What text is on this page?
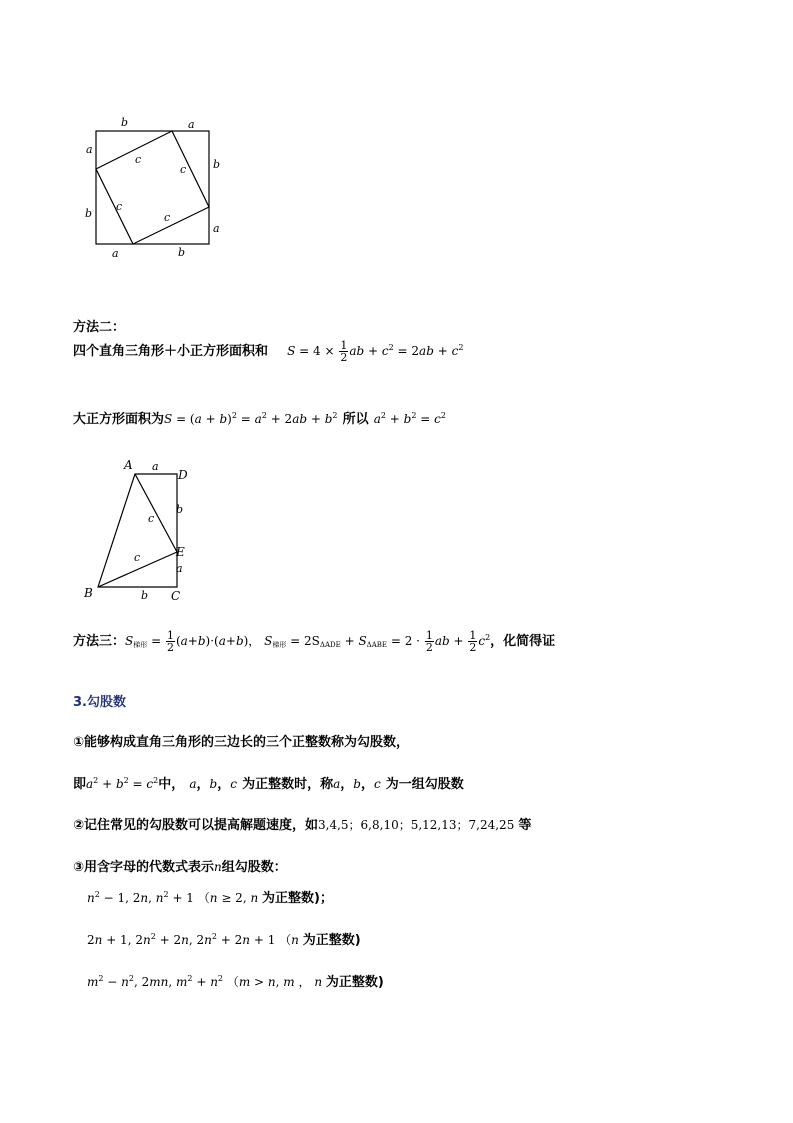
b	a
a
b
b
a
a	b
c
c
c
c
方法二：
四个直角三角形＋小正方形面积和 $S = 4 \times \frac{1}{2}$ ab + $c^2 = 2ab + c^2$
大正方形面积为$S = (a + b)^2 = a^2 + 2ab + b^2$ 所以 $a^2 + b^2 = c^2$
A
D
B	C
E
a
b
a
b
c
c
方法三：$S_{梯形} = \frac{1}{2} (a+b)\cdot(a+b)$， $S_{梯形} = 2S_{\Delta ADE} + S_{\Delta ABE} = 2 \cdot \frac{1}{2}$ ab + $\frac{1}{2} c^2$，化简得证
3.勾股数
①能够构成直角三角形的三边长的三个正整数称为勾股数，
即$a^2 + b^2 = c^2$中， a，b，c 为正整数时，称a，b，c 为一组勾股数
②记住常见的勾股数可以提高解题速度，如3,4,5；6,8,10；5,12,13；7,24,25 等
③用含字母的代数式表示n组勾股数：
$n^2 - 1$, 2n, $n^2 + 1$ （n ≥ 2, n 为正整数)；
2n + 1, $2n^2 + 2n$, $2n^2 + 2n + 1$ （n 为正整数)
$m^2 - n^2$, 2mn, $m^2 + n^2$ （m > n, m ， n 为正整数)
